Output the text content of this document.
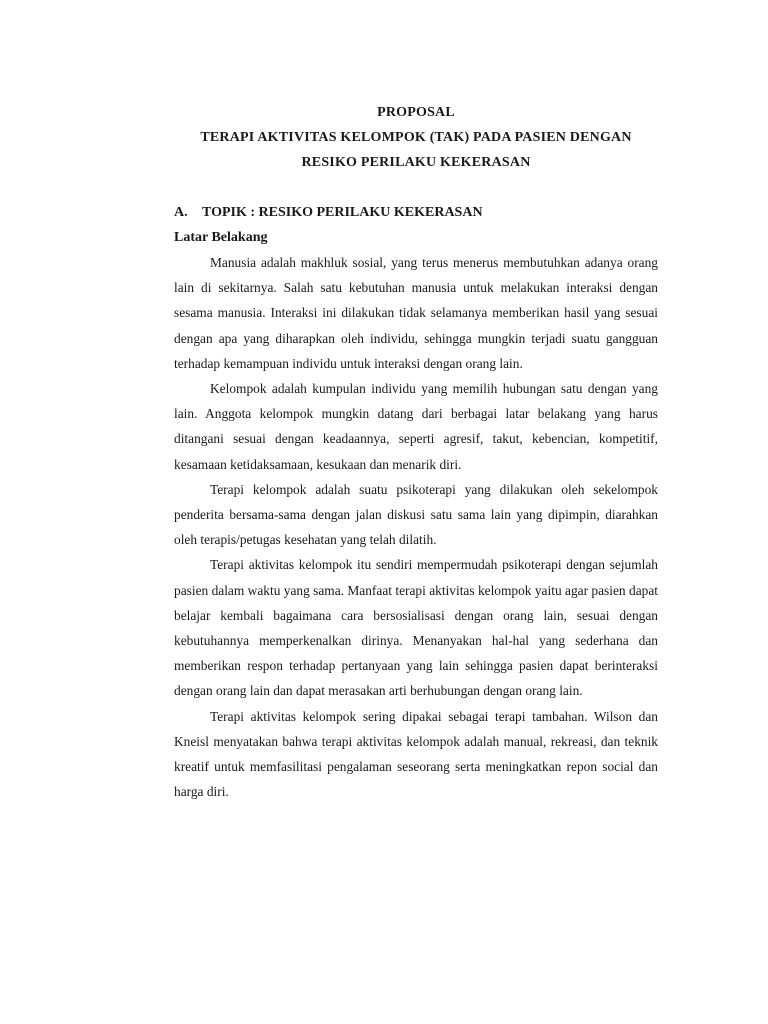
PROPOSAL
TERAPI AKTIVITAS KELOMPOK (TAK) PADA PASIEN DENGAN
RESIKO PERILAKU KEKERASAN
A. TOPIK : RESIKO PERILAKU KEKERASAN
Latar Belakang

Manusia adalah makhluk sosial, yang terus menerus membutuhkan adanya orang lain di sekitarnya. Salah satu kebutuhan manusia untuk melakukan interaksi dengan sesama manusia. Interaksi ini dilakukan tidak selamanya memberikan hasil yang sesuai dengan apa yang diharapkan oleh individu, sehingga mungkin terjadi suatu gangguan terhadap kemampuan individu untuk interaksi dengan orang lain.

Kelompok adalah kumpulan individu yang memilih hubungan satu dengan yang lain. Anggota kelompok mungkin datang dari berbagai latar belakang yang harus ditangani sesuai dengan keadaannya, seperti agresif, takut, kebencian, kompetitif, kesamaan ketidaksamaan, kesukaan dan menarik diri.

Terapi kelompok adalah suatu psikoterapi yang dilakukan oleh sekelompok penderita bersama-sama dengan jalan diskusi satu sama lain yang dipimpin, diarahkan oleh terapis/petugas kesehatan yang telah dilatih.

Terapi aktivitas kelompok itu sendiri mempermudah psikoterapi dengan sejumlah pasien dalam waktu yang sama. Manfaat terapi aktivitas kelompok yaitu agar pasien dapat belajar kembali bagaimana cara bersosialisasi dengan orang lain, sesuai dengan kebutuhannya memperkenalkan dirinya. Menanyakan hal-hal yang sederhana dan memberikan respon terhadap pertanyaan yang lain sehingga pasien dapat berinteraksi dengan orang lain dan dapat merasakan arti berhubungan dengan orang lain.

Terapi aktivitas kelompok sering dipakai sebagai terapi tambahan. Wilson dan Kneisl menyatakan bahwa terapi aktivitas kelompok adalah manual, rekreasi, dan teknik kreatif untuk memfasilitasi pengalaman seseorang serta meningkatkan repon social dan harga diri.
